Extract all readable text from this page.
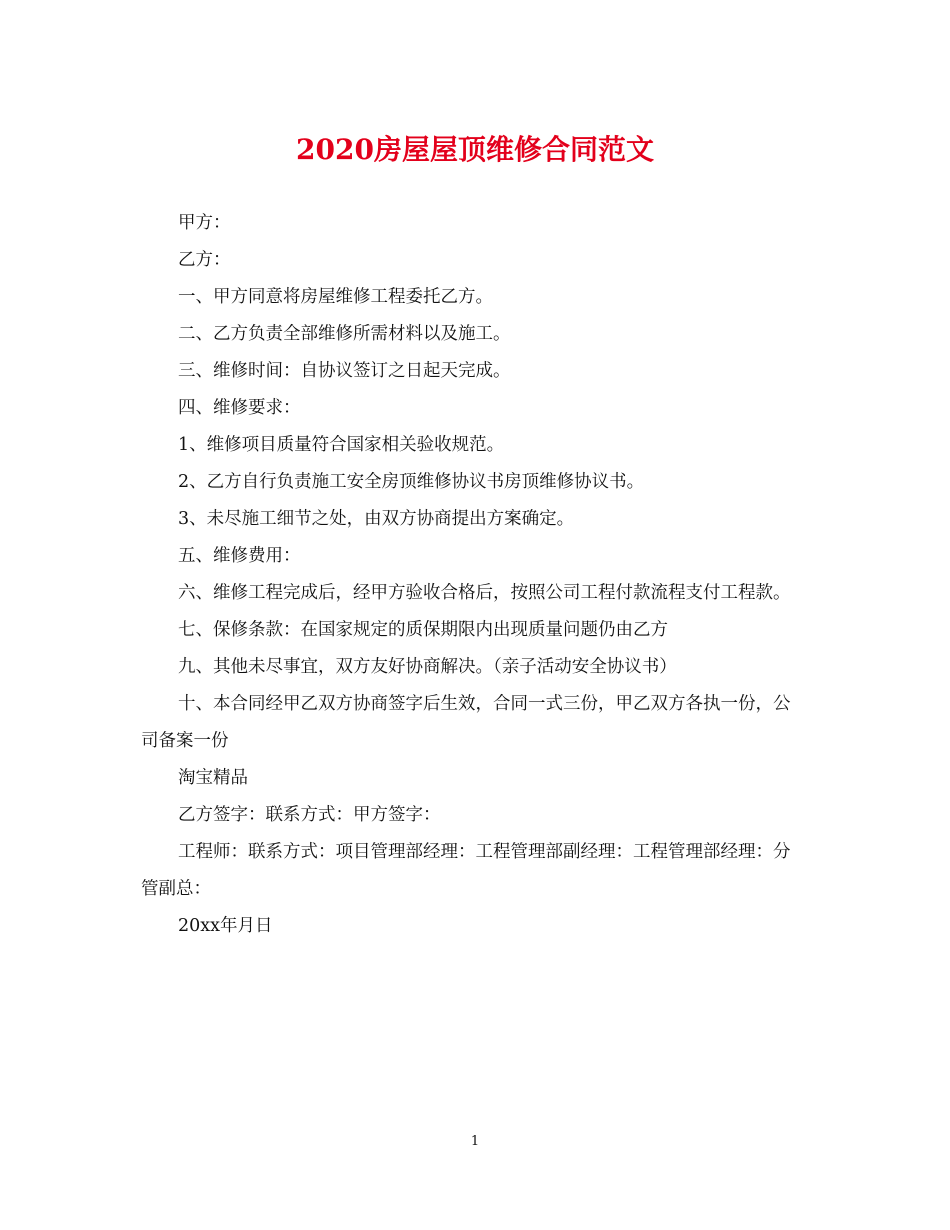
2020房屋屋顶维修合同范文

甲方：

乙方：

一、甲方同意将房屋维修工程委托乙方。

二、乙方负责全部维修所需材料以及施工。

三、维修时间：自协议签订之日起天完成。

四、维修要求：

1、维修项目质量符合国家相关验收规范。

2、乙方自行负责施工安全房顶维修协议书房顶维修协议书。

3、未尽施工细节之处，由双方协商提出方案确定。

五、维修费用：

六、维修工程完成后，经甲方验收合格后，按照公司工程付款流程支付工程款。

七、保修条款：在国家规定的质保期限内出现质量问题仍由乙方

九、其他未尽事宜，双方友好协商解决。（亲子活动安全协议书）

十、本合同经甲乙双方协商签字后生效，合同一式三份，甲乙双方各执一份，公司备案一份

淘宝精品

乙方签字：联系方式：甲方签字：

工程师：联系方式：项目管理部经理：工程管理部副经理：工程管理部经理：分管副总：

20xx年月日

1
